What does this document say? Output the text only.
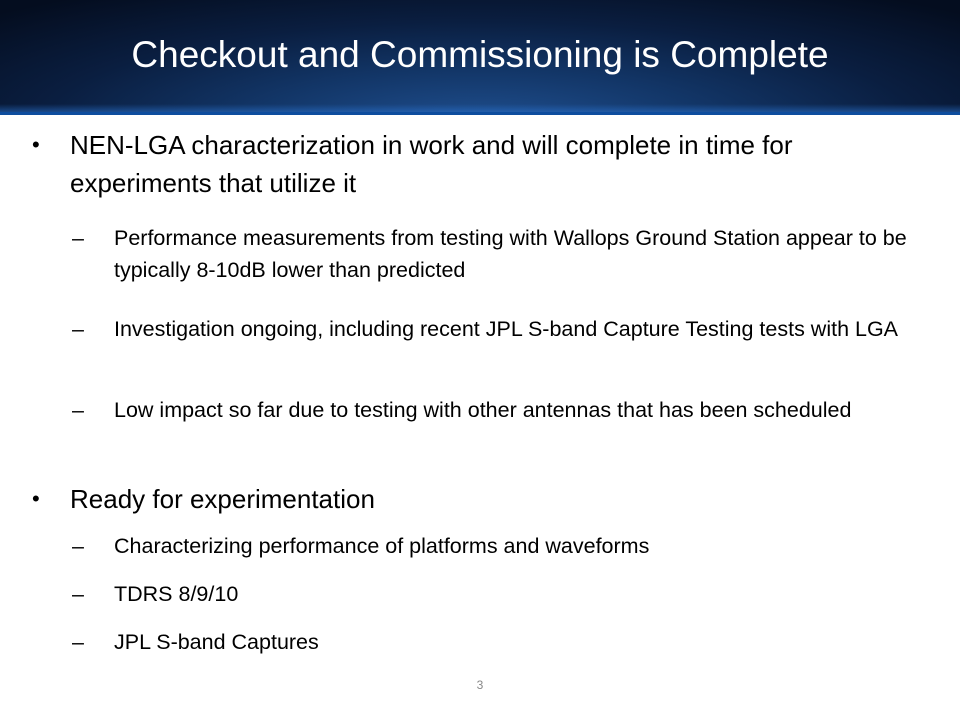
Checkout and Commissioning is Complete
• NEN-LGA characterization in work and will complete in time for experiments that utilize it
–	Performance measurements from testing with Wallops Ground Station appear to be typically 8-10dB lower than predicted
–	Investigation ongoing, including recent JPL S-band Capture Testing tests with LGA
–	Low impact so far due to testing with other antennas that has been scheduled
• Ready for experimentation
–	Characterizing performance of platforms and waveforms
–	TDRS 8/9/10
–	JPL S-band Captures
3
